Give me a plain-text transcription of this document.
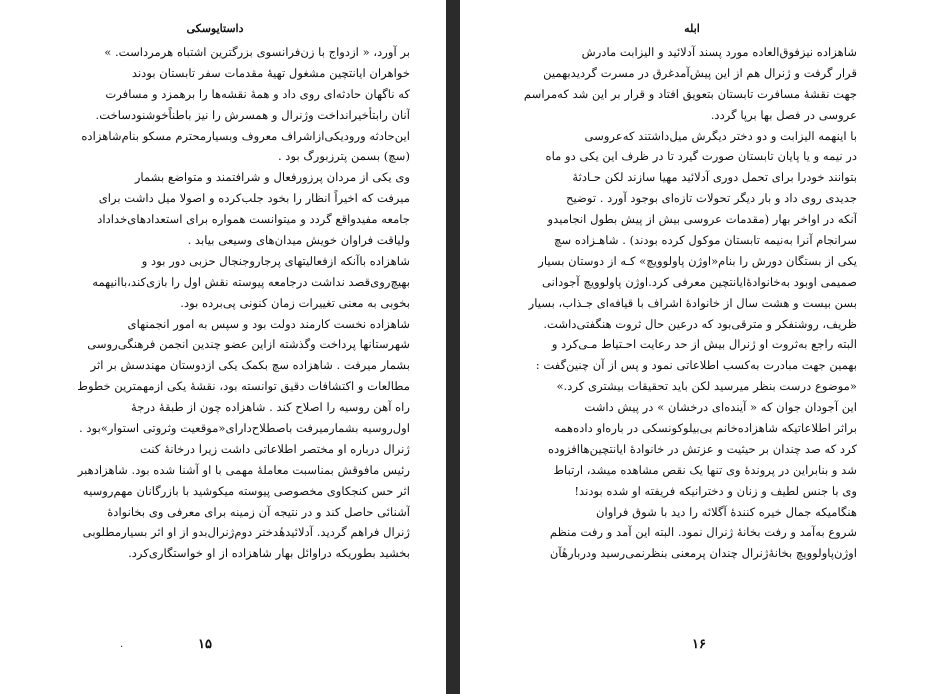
داستایوسکی
بر آورد، « ازدواج با زن‌فرانسوی بزرگترین اشتباه هرمرداست. »
خواهران ایانتچین مشغول تهیهٔ مقدمات سفر تابستان بودند
که ناگهان حادثه‌ای روی داد و همهٔ نقشه‌ها را برهمزد و مسافرت
آنان رابتأخیرانداخت وژنرال و همسرش را نیز باطناًخوشنودساخت.
این‌حادثه ورودیکی‌ازاشراف معروف وبسیارمحترم مسکو بنام‌شاهزاده
(سچ) بسمن پترزبورگ بود .
وی یکی از مردان پرزورفعال و شرافتمند و متواضع بشمار
میرفت که اخیراً انظار را بخود جلب‌کرده و اصولا میل داشت برای
جامعه مفیدواقع گردد و میتوانست همواره برای استعدادهای‌خداداد
ولیاقت فراوان خویش میدان‌های وسیعی بیابد .
شاهزاده باآنکه ازفعالیتهای پرجاروجنجال حزبی دور بود و
بهیچ‌روی‌قصد نداشت درجامعه پیوسته نقش اول را بازی‌کند،باانیهمه
بخوبی به معنی تغییرات زمان کنونی پی‌برده بود.
شاهزاده نخست کارمند دولت بود و سپس به امور انجمنهای
شهرستانها پرداخت وگذشته ازاین عضو چندین انجمن فرهنگی‌روسی
بشمار میرفت . شاهزاده سچ بکمک یکی ازدوستان مهندسش بر اثر
مطالعات و اکتشافات دقیق توانسته بود، نقشهٔ یکی ازمهمترین خطوط
راه آهن روسیه را اصلاح کند . شاهزاده چون از طبقهٔ درجهٔ
اول‌روسیه بشمارمیرفت باصطلاح‌دارای«موقعیت وثروتی استوار»بود .
ژنرال درباره او مختصر اطلاعاتی داشت زیرا درخانهٔ کنت
رئیس مافوقش بمناسبت معاملهٔ مهمی با او آشنا شده بود. شاهزادهبر
اثر حس کنجکاوی مخصوصی پیوسته میکوشید با بازرگانان مهم‌روسیه
آشنائی حاصل کند و در نتیجه آن زمینه برای معرفی وی بخانوادهٔ
ژنرال فراهم گردید. آدلائیدهٔدختر دوم‌ژنرال‌بدو از او اثر بسیارمطلوبی
بخشید بطوریکه دراوائل بهار شاهزاده از او خواستگاری‌کرد.
.	۱۵
ابله
شاهزاده نیزفوق‌العاده مورد پسند آدلائید و الیزابت مادرش
قرار گرفت و ژنرال هم از این پیش‌آمدغرق در مسرت گردیدبهمین
جهت نقشهٔ مسافرت تابستان بتعویق افتاد و قرار بر این شد که‌مراسم
عروسی در فصل بها برپا گردد.
با اینهمه الیزابت و دو دختر دیگرش میل‌داشتند که‌عروسی
در نیمه و یا پایان تابستان صورت گیرد تا در ظرف این یکی دو ماه
بتوانند خودرا برای تحمل دوری آدلائید مهیا سازند لکن حـادثهٔ
جدیدی روی داد و بار دیگر تحولات تازه‌ای بوجود آورد . توضیح
آنکه در اواخر بهار (مقدمات عروسی بیش از پیش بطول انجامیدو
سرانجام آنرا به‌نیمه تابستان موکول کرده بودند) . شاهـزاده سچ
یکی از بستگان دورش را بنام«اوژن پاولوویچ» کـه از دوستان بسیار
صمیمی اوبود به‌خانوادهٔ‌ایانتچین معرفی کرد.اوژن پاولوویچ آجودانی
بسن بیست و هشت سال از خانوادهٔ اشراف با قیافه‌ای جـذاب، بسیار
ظریف، روشنفکر و مترقی‌بود که درعین حال ثروت هنگفتی‌داشت.
البته راجع به‌ثروت او ژنرال بیش از حد رعایت احـتیاط مـی‌کرد و
بهمین جهت مبادرت به‌کسب اطلاعاتی نمود و پس از آن چنین‌گفت :
«موضوع درست بنظر میرسید لکن باید تحقیقات بیشتری کرد.»
این آجودان جوان که « آینده‌ای درخشان » در پیش داشت
براثر اطلاعاتیکه شاهزاده‌خانم بی‌بیلوکونسکی در باره‌او داده‌همه
کرد که صد چندان بر حیثیت و عزتش در خانوادهٔ ایانتچین‌هاافزوده
شد و بنابراین در پرونده‌ٔ وی تنها یک نقص مشاهده میشد، ارتباط
وی با جنس لطیف و زنان و دخترانیکه فریفته او شده بودند!
هنگامیکه جمال خیره کنندهٔ آگلائه را دید با شوق فراوان
شروع به‌آمد و رفت بخانهٔ ژنرال نمود. البته این آمد و رفت منظم
اوژن‌پاولوویچ بخانهٔ‌ژنرال چندان پرمعنی بنظرنمی‌رسید ودربارهٔآن
۱۶
